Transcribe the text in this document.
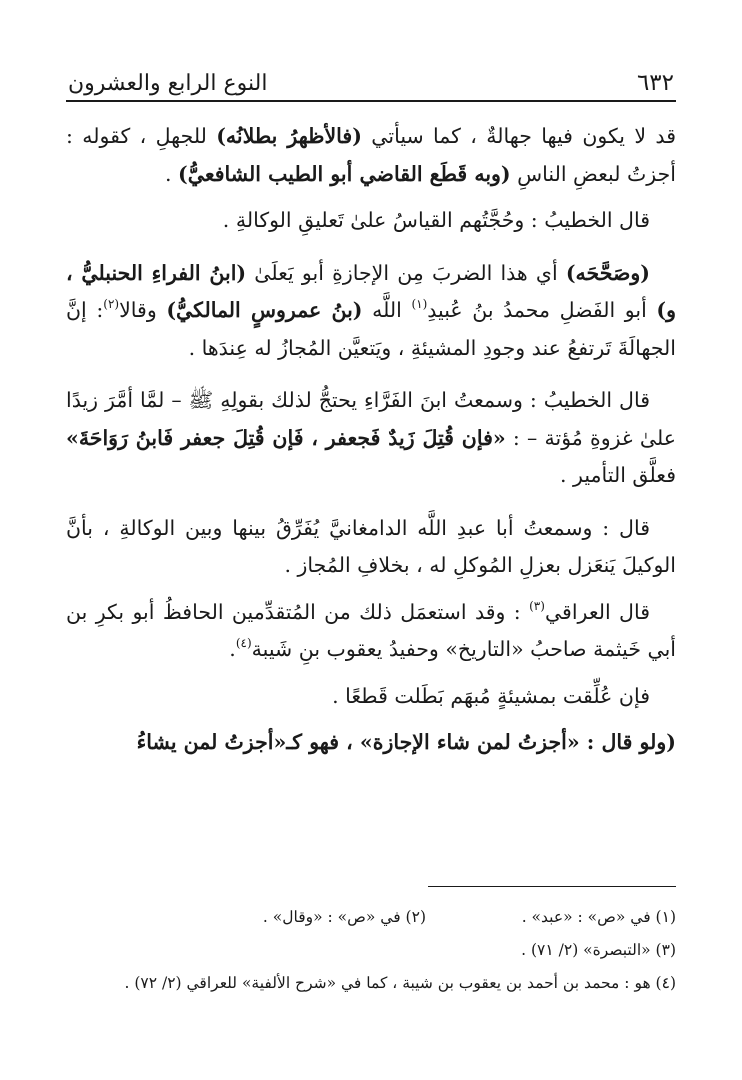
٦٣٢
النوع الرابع والعشرون

قد لا يكون فيها جهالةٌ ، كما سيأتي (فالأظهرُ بطلانُه) للجهلِ ، كقوله : أجزتُ لبعضِ الناسِ (وبه قَطَع القاضي أبو الطيب الشافعيُّ) .

قال الخطيبُ : وحُجَّتُهم القياسُ علىٰ تَعليقِ الوكالةِ .

(وصَحَّحَه) أي هذا الضربَ مِن الإجازةِ أبو يَعلَىٰ (ابنُ الفراءِ الحنبليُّ ، و) أبو الفَضلِ محمدُ بنُ عُبيدِ$^{(١)}$ اللَّه (بنُ عمروسٍ المالكيُّ) وقالا$^{(٢)}$: إنَّ الجهالَةَ تَرتفعُ عند وجودِ المشيئةِ ، ويَتعيَّن المُجازُ له عِندَها .

قال الخطيبُ : وسمعتُ ابنَ الفَرَّاءِ يحتجُّ لذلك بقولِهِ ﷺ – لمَّا أمَّرَ زيدًا علىٰ غزوةِ مُؤتة – : «فإن قُتِلَ زَيدٌ فَجعفر ، فَإن قُتِلَ جعفر فَابنُ رَوَاحَةَ» فعلَّق التأمير .

قال : وسمعتُ أبا عبدِ اللَّه الدامغانيَّ يُفَرِّقُ بينها وبين الوكالةِ ، بأنَّ الوكيلَ يَنعَزل بعزلِ المُوكلِ له ، بخلافِ المُجاز .

قال العراقي$^{(٣)}$ : وقد استعمَل ذلك من المُتقدِّمين الحافظُ أبو بكرِ بن أبي خَيثمة صاحبُ «التاريخ» وحفيدُ يعقوب بنِ شَيبة$^{(٤)}$.

فإن عُلِّقت بمشيئةٍ مُبهَم بَطَلت قَطعًا .

(ولو قال : «أجزتُ لمن شاء الإجازة» ، فهو كـ«أجزتُ لمن يشاءُ

(١) في «ص» : «عبد» .
(٢) في «ص» : «وقال» .
(٣) «التبصرة» (٢/ ٧١) .
(٤) هو : محمد بن أحمد بن يعقوب بن شيبة ، كما في «شرح الألفية» للعراقي (٢/ ٧٢) .
